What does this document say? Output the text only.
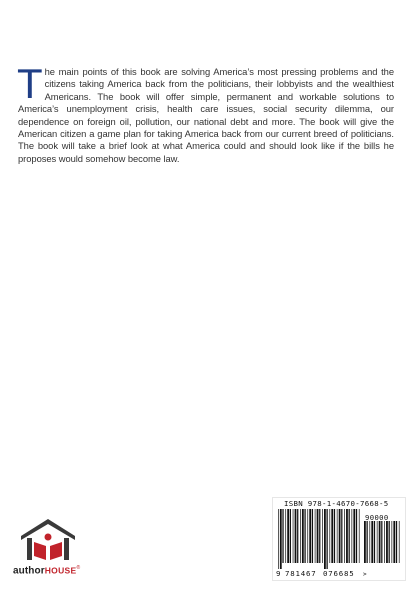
The main points of this book are solving America’s most pressing problems and the citizens taking America back from the politicians, their lobbyists and the wealthiest Americans. The book will offer simple, permanent and workable solutions to America’s unemployment crisis, health care issues, social security dilemma, our dependence on foreign oil, pollution, our national debt and more. The book will give the American citizen a game plan for taking America back from our current breed of politicians. The book will take a brief look at what America could and should look like if the bills he proposes would somehow become law.
authorHOUSE®
ISBN 978-1-4670-7668-5
90000
9 781467 076685 >
